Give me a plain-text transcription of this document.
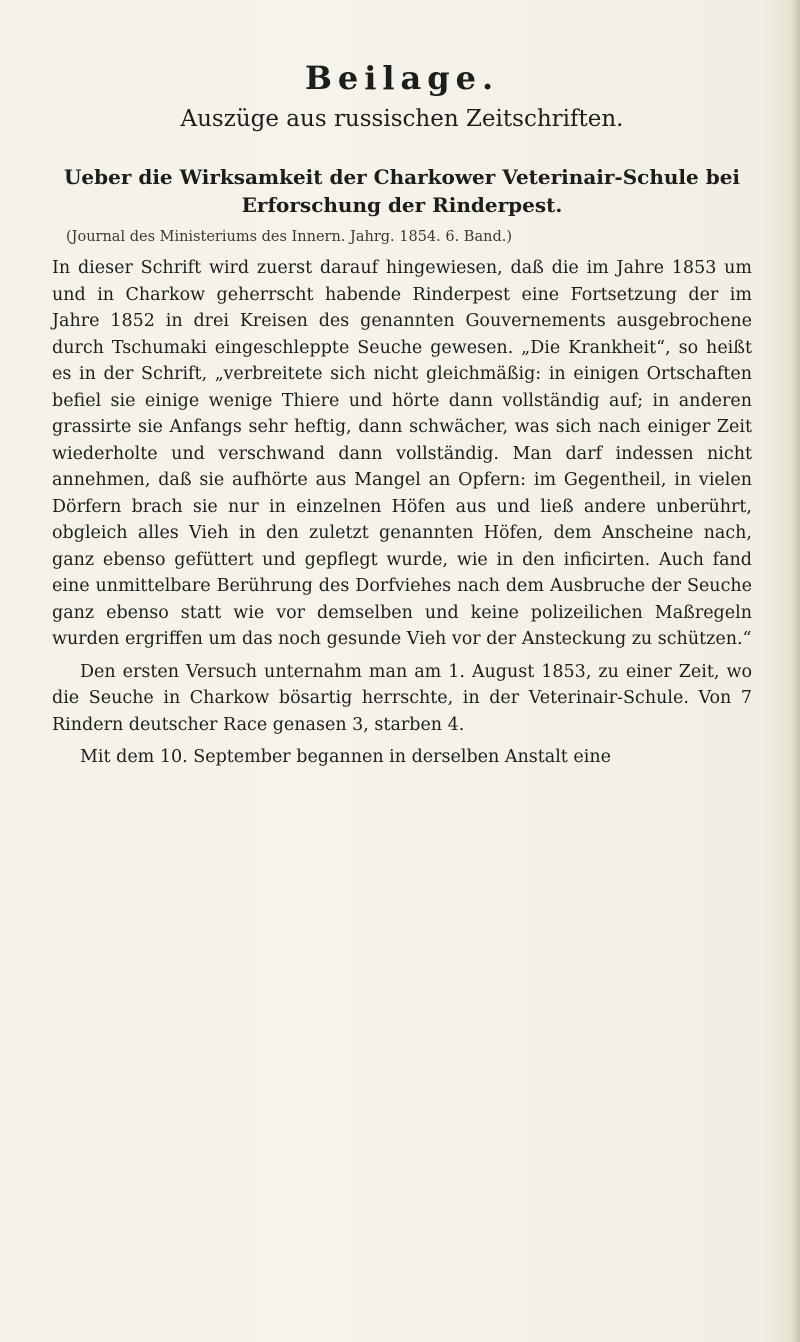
Beilage.
Auszüge aus russischen Zeitschriften.
Ueber die Wirksamkeit der Charkower Veterinair-Schule bei
Erforschung der Rinderpest.
(Journal des Ministeriums des Innern. Jahrg. 1854. 6. Band.)

In dieser Schrift wird zuerst darauf hingewiesen, daß die im Jahre 1853 um und in Charkow geherrscht habende Rinderpest eine Fortsetzung der im Jahre 1852 in drei Kreisen des genannten Gouvernements ausgebrochene durch Tschumaki eingeschleppte Seuche gewesen. „Die Krankheit“, so heißt es in der Schrift, „verbreitete sich nicht gleichmäßig: in einigen Ortschaften befiel sie einige wenige Thiere und hörte dann vollständig auf; in anderen grassirte sie Anfangs sehr heftig, dann schwächer, was sich nach einiger Zeit wiederholte und verschwand dann vollständig. Man darf indessen nicht annehmen, daß sie aufhörte aus Mangel an Opfern: im Gegentheil, in vielen Dörfern brach sie nur in einzelnen Höfen aus und ließ andere unberührt, obgleich alles Vieh in den zuletzt genannten Höfen, dem Anscheine nach, ganz ebenso gefüttert und gepflegt wurde, wie in den inficirten. Auch fand eine unmittelbare Berührung des Dorfviehes nach dem Ausbruche der Seuche ganz ebenso statt wie vor demselben und keine polizeilichen Maßregeln wurden ergriffen um das noch gesunde Vieh vor der Ansteckung zu schützen.“

Den ersten Versuch unternahm man am 1. August 1853, zu einer Zeit, wo die Seuche in Charkow bösartig herrschte, in der Veterinair-Schule. Von 7 Rindern deutscher Race genasen 3, starben 4.

Mit dem 10. September begannen in derselben Anstalt eine
